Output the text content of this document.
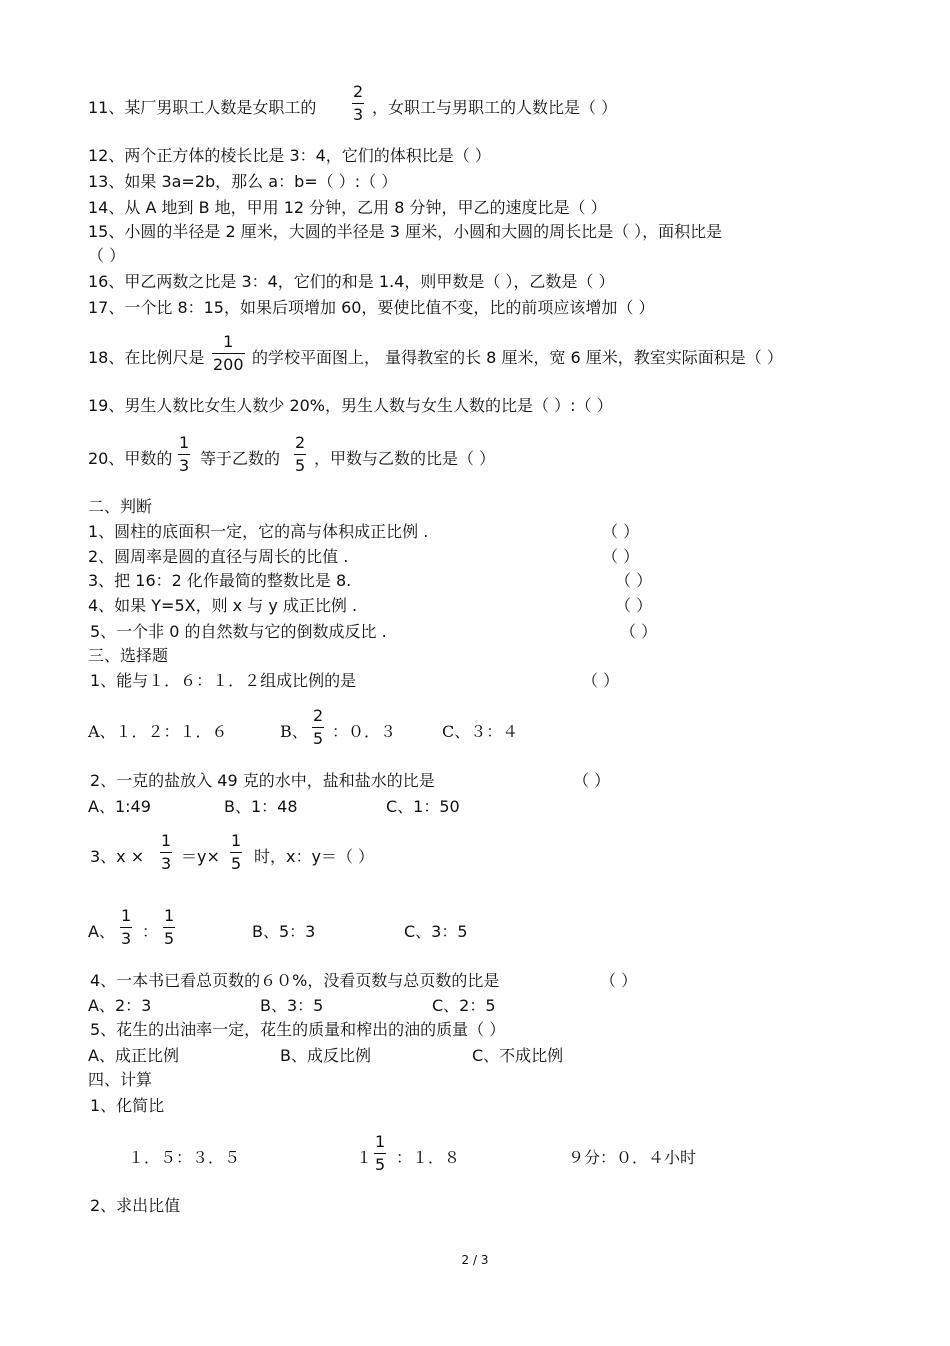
11、某厂男职工人数是女职工的
2
3 ，女职工与男职工的人数比是（ ）
12、两个正方体的棱长比是 3：4，它们的体积比是（ ）
13、如果 3a=2b，那么 a：b=（ ）:（ ）
14、从 A 地到 B 地，甲用 12 分钟，乙用 8 分钟，甲乙的速度比是（ ）
15、小圆的半径是 2 厘米，大圆的半径是 3 厘米，小圆和大圆的周长比是（ ），面积比是
（ ）
16、甲乙两数之比是 3：4，它们的和是 1.4，则甲数是（ ），乙数是（ ）
17、一个比 8：15，如果后项增加 60，要使比值不变，比的前项应该增加（ ）
18、在比例尺是
1
200 的学校平面图上， 量得教室的长 8 厘米，宽 6 厘米，教室实际面积是（ ）
19、男生人数比女生人数少 20%，男生人数与女生人数的比是（ ）:（ ）
20、甲数的
1
3 等于乙数的
2
5 ，甲数与乙数的比是（ ）
二、判断
1、圆柱的底面积一定，它的高与体积成正比例 .	（ ）
2、圆周率是圆的直径与周长的比值 .	（ ）
3、把 16：2 化作最简的整数比是 8.	（ ）
4、如果 Y=5X，则 x 与 y 成正比例 .	（ ）
5、一个非 0 的自然数与它的倒数成反比 .	（ ）
三、选择题
1、能与１．６：１．２组成比例的是	（ ）
A、１．２：１．６	B、
2
5 ：０．３	C、３：４
2、一克的盐放入 49 克的水中，盐和盐水的比是	（ ）
A、1:49	B、1：48	C、1：50
3、x ×
1
3 ＝y×
1
5 时，x：y＝（ ）
A、
1
3 ：
1
5	B、5：3	C、3：5
4、一本书已看总页数的６０%，没看页数与总页数的比是	（ ）
A、2：3	B、3：5	C、2：5
5、花生的出油率一定，花生的质量和榨出的油的质量（ ）
A、成正比例	B、成反比例	C、不成比例
四、计算
1、化简比
１．５：３．５	１
1
5 ：１．８	９分：０．４小时
2、求出比值
2 / 3
